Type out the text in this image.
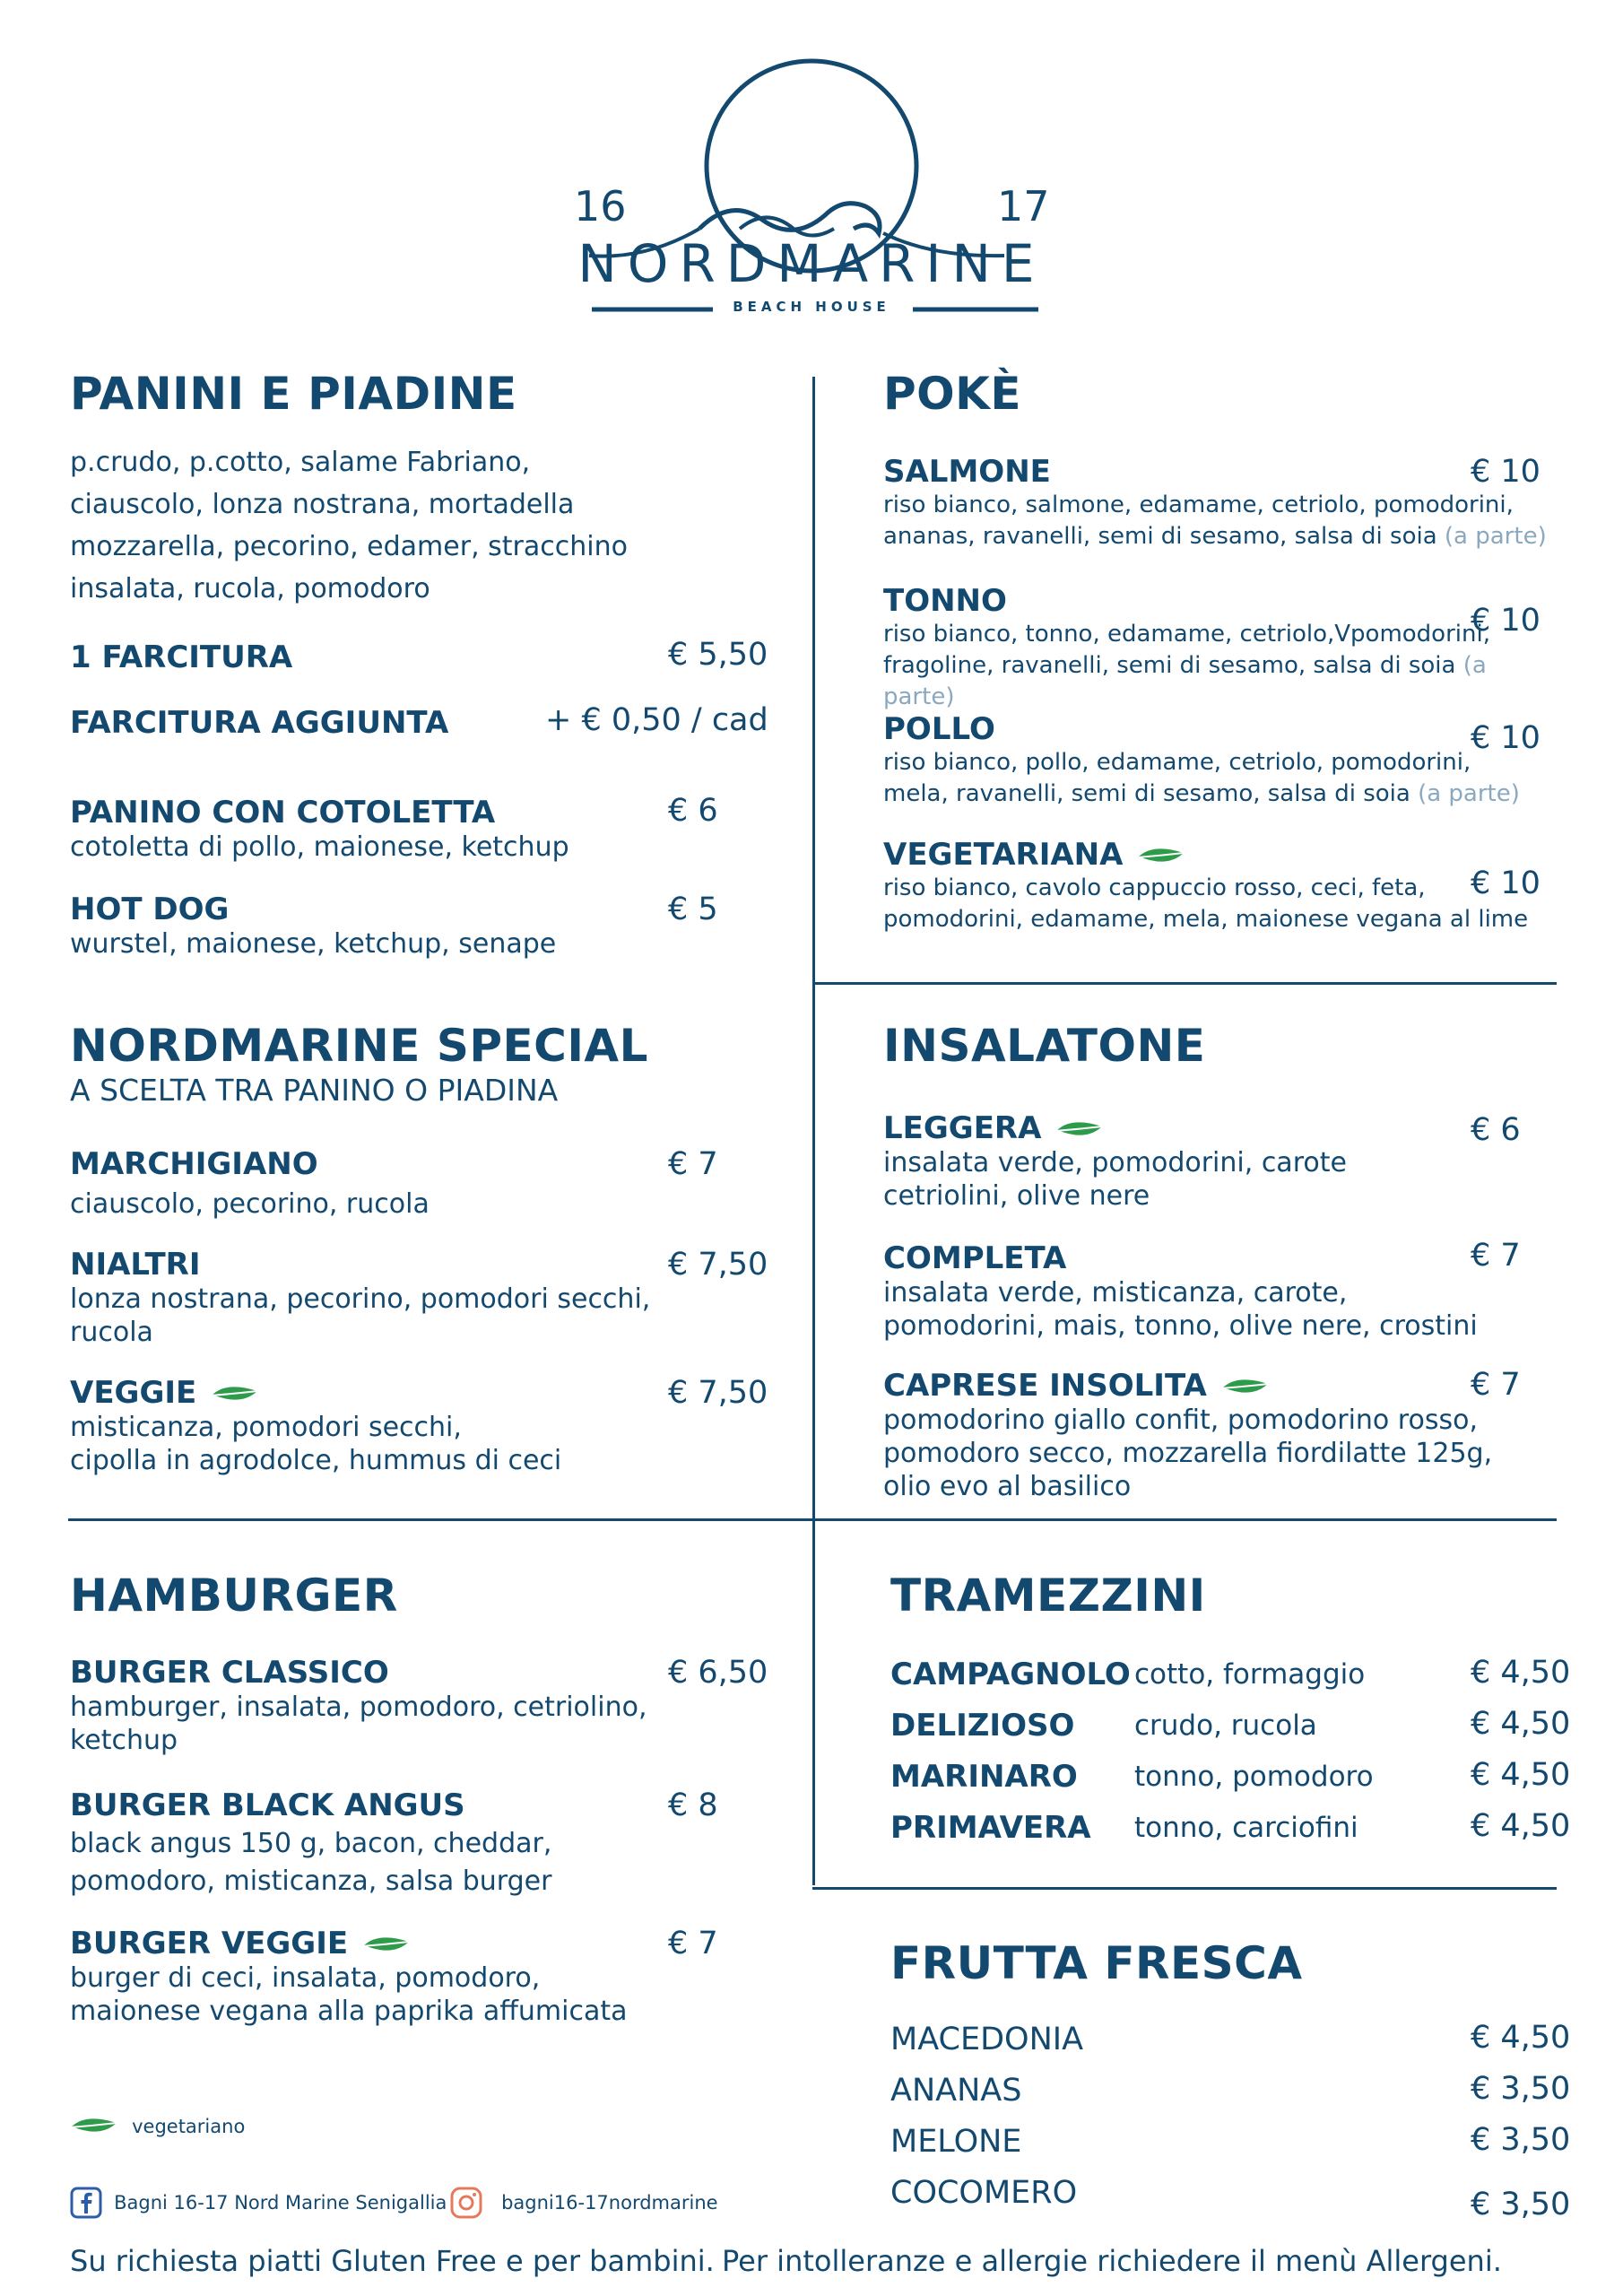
16	17
NORDMARINE
BEACH HOUSE
PANINI E PIADINE
p.crudo, p.cotto, salame Fabriano,
ciauscolo, lonza nostrana, mortadella
mozzarella, pecorino, edamer, stracchino
insalata, rucola, pomodoro
1 FARCITURA	€ 5,50
FARCITURA AGGIUNTA	+ € 0,50 / cad
PANINO CON COTOLETTA	€ 6
cotoletta di pollo, maionese, ketchup
HOT DOG	€ 5
wurstel, maionese, ketchup, senape
POKÈ
SALMONE
riso bianco, salmone, edamame, cetriolo, pomodorini,
ananas, ravanelli, semi di sesamo, salsa di soia (a parte)
€ 10
TONNO
riso bianco, tonno, edamame, cetriolo,Vpomodorini,
fragoline, ravanelli, semi di sesamo, salsa di soia (a parte)
€ 10
POLLO
riso bianco, pollo, edamame, cetriolo, pomodorini,
mela, ravanelli, semi di sesamo, salsa di soia (a parte)
€ 10
VEGETARIANA
riso bianco, cavolo cappuccio rosso, ceci, feta,
pomodorini, edamame, mela, maionese vegana al lime
€ 10
NORDMARINE SPECIAL
A SCELTA TRA PANINO O PIADINA
MARCHIGIANO
ciauscolo, pecorino, rucola
€ 7
NIALTRI
lonza nostrana, pecorino, pomodori secchi,
rucola
€ 7,50
VEGGIE
misticanza, pomodori secchi,
cipolla in agrodolce, hummus di ceci
€ 7,50
INSALATONE
LEGGERA
insalata verde, pomodorini, carote
cetriolini, olive nere
€ 6
COMPLETA
insalata verde, misticanza, carote,
pomodorini, mais, tonno, olive nere, crostini
€ 7
CAPRESE INSOLITA
pomodorino giallo confit, pomodorino rosso,
pomodoro secco, mozzarella fiordilatte 125g,
olio evo al basilico
€ 7
HAMBURGER
BURGER CLASSICO
hamburger, insalata, pomodoro, cetriolino,
ketchup
€ 6,50
BURGER BLACK ANGUS
black angus 150 g, bacon, cheddar,
pomodoro, misticanza, salsa burger
€ 8
BURGER VEGGIE
burger di ceci, insalata, pomodoro,
maionese vegana alla paprika affumicata
€ 7
TRAMEZZINI
CAMPAGNOLO cotto, formaggio	€ 4,50
DELIZIOSO crudo, rucola	€ 4,50
MARINARO tonno, pomodoro	€ 4,50
PRIMAVERA tonno, carciofini	€ 4,50
FRUTTA FRESCA
MACEDONIA	€ 4,50
ANANAS	€ 3,50
MELONE	€ 3,50
COCOMERO	€ 3,50
vegetariano
Bagni 16-17 Nord Marine Senigallia	bagni16-17nordmarine
Su richiesta piatti Gluten Free e per bambini. Per intolleranze e allergie richiedere il menù Allergeni.
